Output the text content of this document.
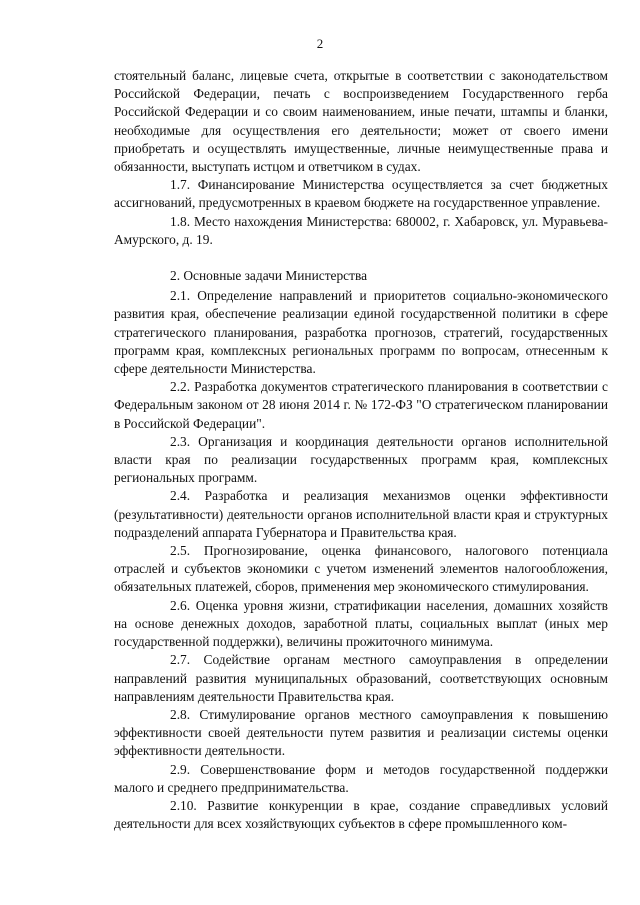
2

стоятельный баланс, лицевые счета, открытые в соответствии с законодательством Российской Федерации, печать с воспроизведением Государственного герба Российской Федерации и со своим наименованием, иные печати, штампы и бланки, необходимые для осуществления его деятельности; может от своего имени приобретать и осуществлять имущественные, личные неимущественные права и обязанности, выступать истцом и ответчиком в судах.

1.7. Финансирование Министерства осуществляется за счет бюджетных ассигнований, предусмотренных в краевом бюджете на государственное управление.

1.8. Место нахождения Министерства: 680002, г. Хабаровск, ул. Муравьева-Амурского, д. 19.

2. Основные задачи Министерства

2.1. Определение направлений и приоритетов социально-экономического развития края, обеспечение реализации единой государственной политики в сфере стратегического планирования, разработка прогнозов, стратегий, государственных программ края, комплексных региональных программ по вопросам, отнесенным к сфере деятельности Министерства.

2.2. Разработка документов стратегического планирования в соответствии с Федеральным законом от 28 июня 2014 г. № 172-ФЗ "О стратегическом планировании в Российской Федерации".

2.3. Организация и координация деятельности органов исполнительной власти края по реализации государственных программ края, комплексных региональных программ.

2.4. Разработка и реализация механизмов оценки эффективности (результативности) деятельности органов исполнительной власти края и структурных подразделений аппарата Губернатора и Правительства края.

2.5. Прогнозирование, оценка финансового, налогового потенциала отраслей и субъектов экономики с учетом изменений элементов налогообложения, обязательных платежей, сборов, применения мер экономического стимулирования.

2.6. Оценка уровня жизни, стратификации населения, домашних хозяйств на основе денежных доходов, заработной платы, социальных выплат (иных мер государственной поддержки), величины прожиточного минимума.

2.7. Содействие органам местного самоуправления в определении направлений развития муниципальных образований, соответствующих основным направлениям деятельности Правительства края.

2.8. Стимулирование органов местного самоуправления к повышению эффективности своей деятельности путем развития и реализации системы оценки эффективности деятельности.

2.9. Совершенствование форм и методов государственной поддержки малого и среднего предпринимательства.

2.10. Развитие конкуренции в крае, создание справедливых условий деятельности для всех хозяйствующих субъектов в сфере промышленного ком-
